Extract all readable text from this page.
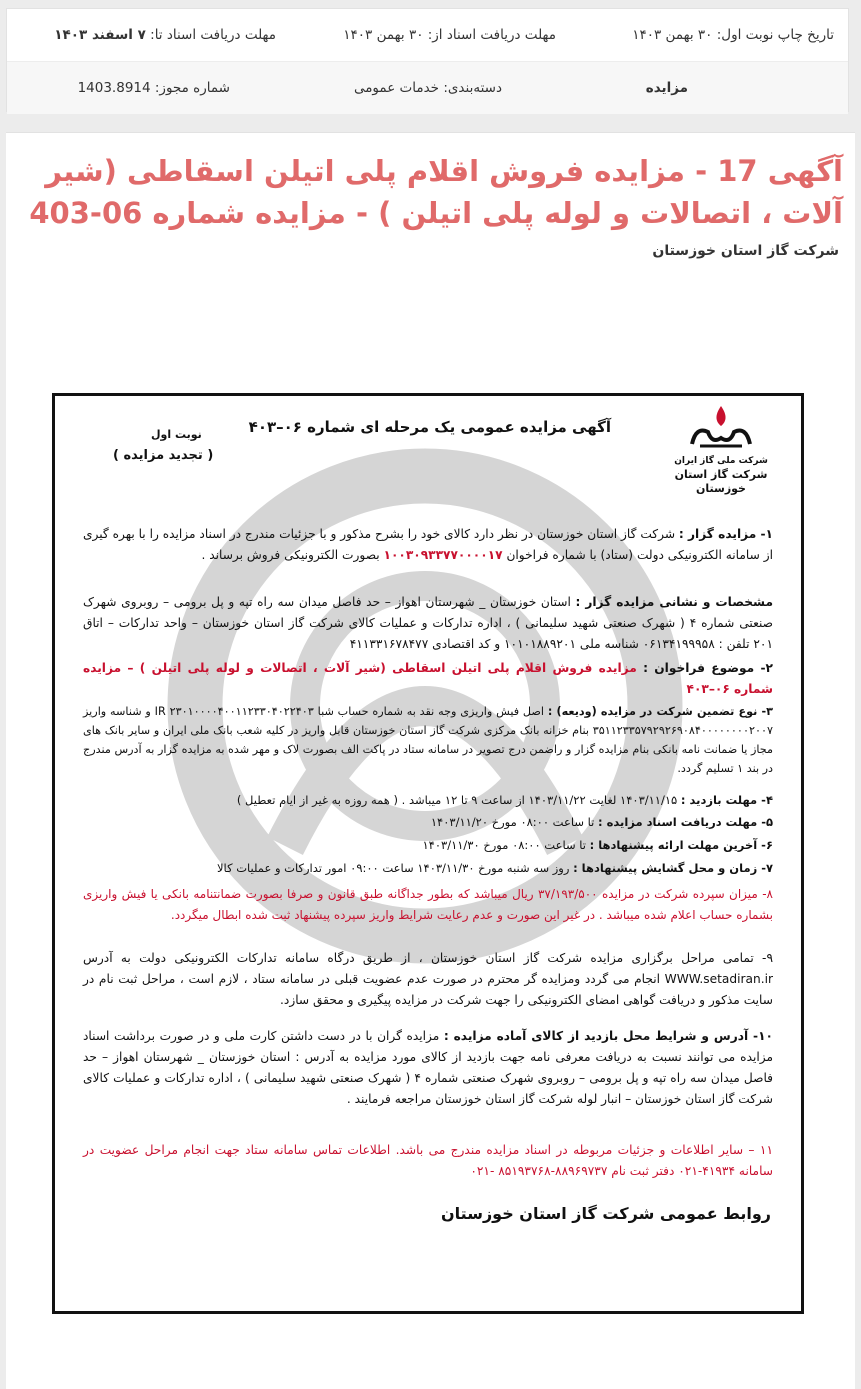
تاریخ چاپ نوبت اول: ۳۰ بهمن ۱۴۰۳
مهلت دریافت اسناد از: ۳۰ بهمن ۱۴۰۳
مهلت دریافت اسناد تا: ۷ اسفند ۱۴۰۳
مزایده
دسته‌بندی: خدمات عمومی
شماره مجوز: 1403.8914
آگهی 17 - مزایده فروش اقلام پلی اتیلن اسقاطی (شیر آلات ، اتصالات و لوله پلی اتیلن ) - مزایده شماره 06-403
شرکت گاز استان خوزستان
شرکت ملی گاز ایران
شرکت گاز استان خوزستان
آگهی مزایده عمومی یک مرحله ای شماره ۰۶–۴۰۳
نوبت اول
( تجدید مزایده )
۱- مزایده گزار : شرکت گاز استان خوزستان در نظر دارد کالای خود را بشرح مذکور و با جزئیات مندرج در اسناد مزایده را با بهره گیری از سامانه الکترونیکی دولت (ستاد) با شماره فراخوان ۱۰۰۳۰۹۳۳۷۷۰۰۰۰۱۷ بصورت الکترونیکی فروش برساند .
مشخصات و نشانی مزایده گزار : استان خوزستان _ شهرستان اهواز – حد فاصل میدان سه راه تپه و پل برومی – روبروی شهرک صنعتی شماره ۴ ( شهرک صنعتی شهید سلیمانی ) ، اداره تدارکات و عملیات کالای شرکت گاز استان خوزستان – واحد تدارکات – اتاق ۲۰۱ تلفن : ۰۶۱۳۴۱۹۹۹۵۸ شناسه ملی ۱۰۱۰۱۸۸۹۲۰۱ و کد اقتصادی ۴۱۱۳۳۱۶۷۸۴۷۷
۲- موضوع فراخوان : مزایده فروش اقلام پلی اتیلن اسقاطی (شیر آلات ، اتصالات و لوله پلی اتیلن ) – مزایده شماره ۰۶–۴۰۳
۳- نوع تضمین شرکت در مزایده (ودیعه) : اصل فیش واریزی وجه نقد به شماره حساب شبا IR ۲۳۰۱۰۰۰۰۴۰۰۱۱۲۳۳۰۴۰۲۲۴۰۳ و شناسه واریز ۳۵۱۱۲۳۳۵۷۹۲۹۲۶۹۰۸۴۰۰۰۰۰۰۰۰۲۰۰۷ بنام خزانه بانک مرکزی شرکت گاز استان خوزستان قابل واریز در کلیه شعب بانک ملی ایران و سایر بانک های مجاز یا ضمانت نامه بانکی بنام مزایده گزار و راضمن درج تصویر در سامانه ستاد در پاکت الف بصورت لاک و مهر شده به مزایده گزار به آدرس مندرج در بند ۱ تسلیم گردد.
۴- مهلت بازدید : ۱۴۰۳/۱۱/۱۵ لغایت ۱۴۰۳/۱۱/۲۲ از ساعت ۹ تا ۱۲ میباشد . ( همه روزه به غیر از ایام تعطیل )
۵- مهلت دریافت اسناد مزایده : تا ساعت ۰۸:۰۰ مورخ ۱۴۰۳/۱۱/۲۰
۶- آخرین مهلت ارائه پیشنهادها : تا ساعت ۰۸:۰۰ مورخ ۱۴۰۳/۱۱/۳۰
۷- زمان و محل گشایش پیشنهادها : روز سه شنبه مورخ ۱۴۰۳/۱۱/۳۰ ساعت ۰۹:۰۰ امور تدارکات و عملیات کالا
۸- میزان سپرده شرکت در مزایده ۳۷/۱۹۳/۵۰۰ ریال میباشد که بطور جداگانه طبق قانون و صرفا بصورت ضمانتنامه بانکی یا فیش واریزی بشماره حساب اعلام شده میباشد . در غیر این صورت و عدم رعایت شرایط واریز سپرده پیشنهاد ثبت شده ابطال میگردد.
۹- تمامی مراحل برگزاری مزایده شرکت گاز استان خوزستان ، از طریق درگاه سامانه تدارکات الکترونیکی دولت به آدرس WWW.setadiran.ir انجام می گردد ومزایده گر محترم در صورت عدم عضویت قبلی در سامانه ستاد ، لازم است ، مراحل ثبت نام در سایت مذکور و دریافت گواهی امضای الکترونیکی را جهت شرکت در مزایده پیگیری و محقق سازد.
۱۰- آدرس و شرایط محل بازدید از کالای آماده مزایده : مزایده گران با در دست داشتن کارت ملی و در صورت برداشت اسناد مزایده می توانند نسبت به دریافت معرفی نامه جهت بازدید از کالای مورد مزایده به آدرس : استان خوزستان _ شهرستان اهواز – حد فاصل میدان سه راه تپه و پل برومی – روبروی شهرک صنعتی شماره ۴ ( شهرک صنعتی شهید سلیمانی ) ، اداره تدارکات و عملیات کالای شرکت گاز استان خوزستان – انبار لوله شرکت گاز استان خوزستان مراجعه فرمایند .
۱۱ – سایر اطلاعات و جزئیات مربوطه در اسناد مزایده مندرج می باشد. اطلاعات تماس سامانه ستاد جهت انجام مراحل عضویت در سامانه ۴۱۹۳۴-۰۲۱ دفتر ثبت نام ۸۸۹۶۹۷۳۷-۸۵۱۹۳۷۶۸ -۰۲۱
روابط عمومی شرکت گاز استان خوزستان
